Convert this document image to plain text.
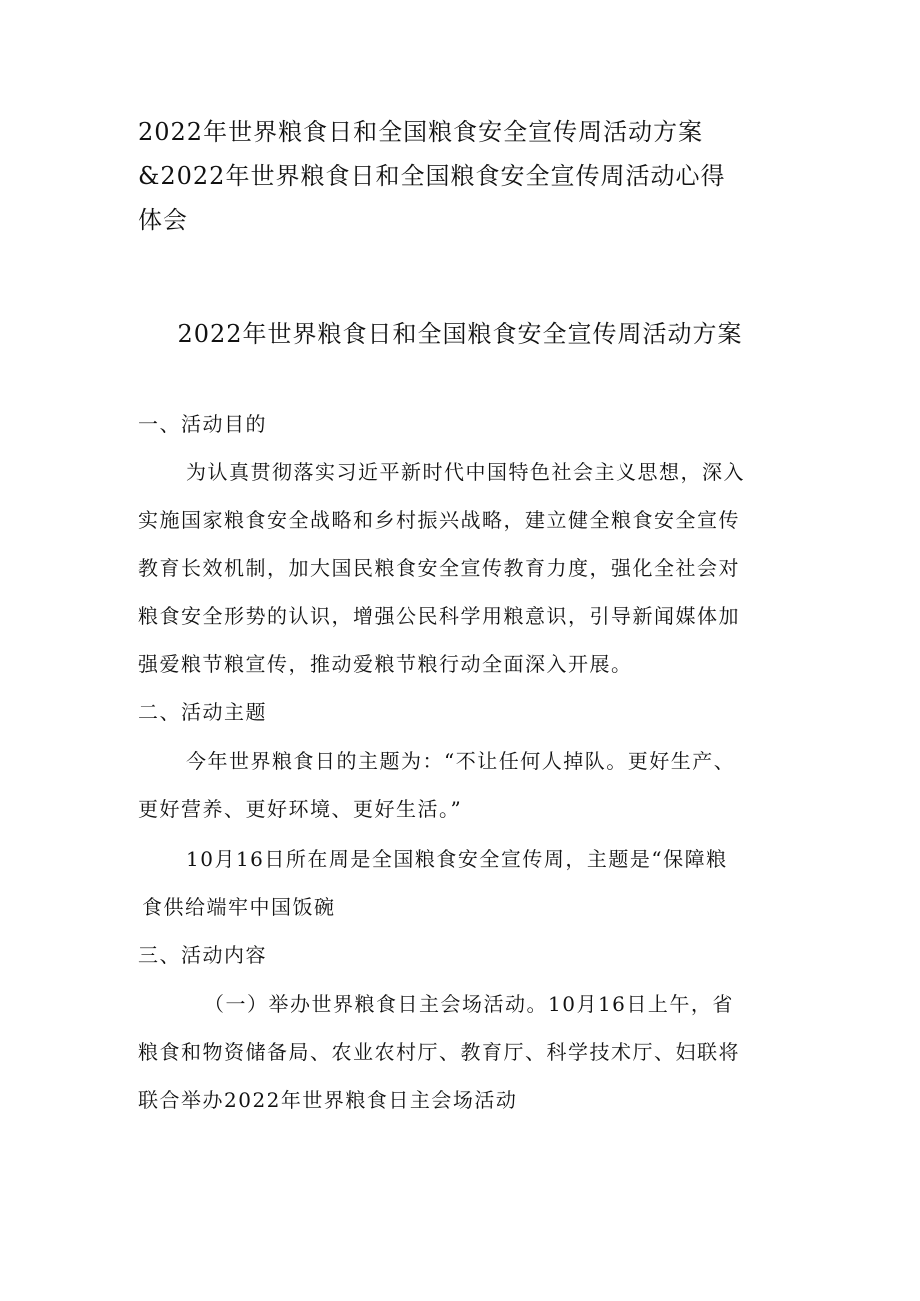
2022年世界粮食日和全国粮食安全宣传周活动方案
&2022年世界粮食日和全国粮食安全宣传周活动心得
体会
2022年世界粮食日和全国粮食安全宣传周活动方案

一、活动目的

为认真贯彻落实习近平新时代中国特色社会主义思想，深入
实施国家粮食安全战略和乡村振兴战略，建立健全粮食安全宣传
教育长效机制，加大国民粮食安全宣传教育力度，强化全社会对
粮食安全形势的认识，增强公民科学用粮意识，引导新闻媒体加
强爱粮节粮宣传，推动爱粮节粮行动全面深入开展。

二、活动主题

今年世界粮食日的主题为：“不让任何人掉队。更好生产、
更好营养、更好环境、更好生活。”

10月16日所在周是全国粮食安全宣传周，主题是“保障粮
食供给端牢中国饭碗

三、活动内容

（一）举办世界粮食日主会场活动。10月16日上午，省
粮食和物资储备局、农业农村厅、教育厅、科学技术厅、妇联将
联合举办2022年世界粮食日主会场活动
